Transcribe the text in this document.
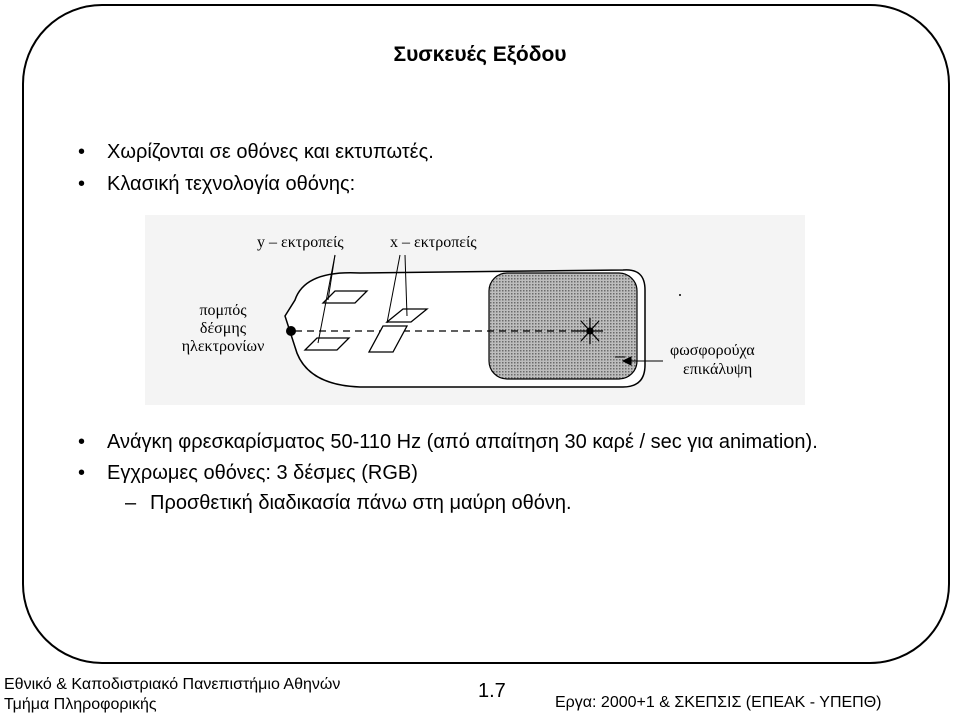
Συσκευές Εξόδου
• Χωρίζονται σε οθόνες και εκτυπωτές.
• Κλασική τεχνολογία οθόνης:
y – εκτροπείς	x – εκτροπείς
πομπός
δέσμης
ηλεκτρονίων	φωσφορούχα
επικάλυψη
• Ανάγκη φρεσκαρίσματος 50-110 Hz (από απαίτηση 30 καρέ / sec για animation).
• Εγχρωμες οθόνες: 3 δέσμες (RGB)
– Προσθετική διαδικασία πάνω στη μαύρη οθόνη.
Εθνικό & Καποδιστριακό Πανεπιστήμιο Αθηνών
Τμήμα Πληροφορικής
1.7
Εργα: 2000+1 & ΣΚΕΠΣΙΣ (ΕΠΕΑΚ - ΥΠΕΠΘ)
